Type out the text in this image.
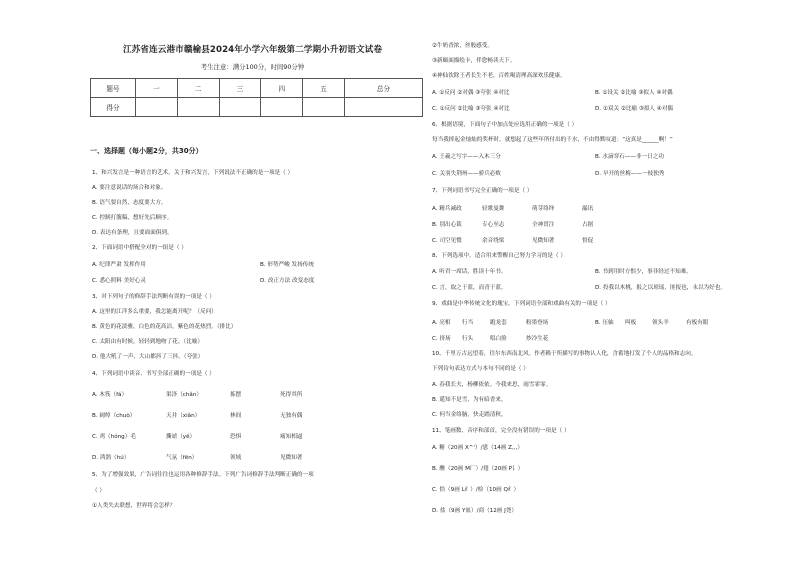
江苏省连云港市赣榆县2024年小学六年级第二学期小升初语文试卷
考生注意：满分100分，时间90分钟
题号	一	二	三	四	五	总分
得分						
一、选择题（每小题2分，共30分）
1、和兴发言是一种语言的艺术。关于和兴发言，下列说法不正确的是一项是（ ）
A. 要注意说话的场合和对象。
B. 语气要自然，态度要大方。
C. 控制打腹稿，想好先后顺序。
D. 表达有条理，且要面面俱到。
2、下面词语中搭配全对的一组是（ ）
A. 纪律严肃 发挥作用	B. 形势严峻 发扬传统
C. 悉心照料 美好心灵	D. 改正方法 改变态度
3、对下列句子的修辞手法判断有误的一项是（ ）
A. 这里的江洋多么重要，我怎能离开呢？（反问）
B. 黄色的花淡雅，白色的花高洁，紫色的花热烈。（排比）
C. 太阳由有时候，轻轻到地吻了花。（比喻）
D. 他大吼了一声，大山都抖了三抖。（夸张）
4、下列词语中读音、书写全部正确的一项是（ ）
A. 木筏（fá）	渠泽（chǎn）	拣摆	死得其所
B. 阔绰（chuò）	天井（xiǎn）	林间	无独有偶
C. 鸡（hóng）毛	撕谑（yě）	恐惧	痛知相逼
D. 鸿鹄（hú）	气氛（fēn）	领域	见微知著
5、为了增强效果，广告词往往也运用各种修辞手法。下列广告词修辞手法判断正确的一项
（ ）
①人类失去联想，世界将会怎样？
②牛奶香浓，丝般感受。
③新颐面描绘卡，伴您畅读天下。
④神仙饮除王者长生不老，百姓喝清理高深欢乐健康。
A. ①反问 ②对偶 ③夸张 ④对比	B. ①设关 ②比喻 ③拟人 ④对偶
C. ①反问 ②比喻 ③夸张 ④对比	D. ①双关 ②比喻 ③拟人 ④对偶
6、根据语境，下面句子中加点处应选用正确的一项是（ ）
每当我摔起金灿灿的奖杯时，就想起了这些年所付出的千水，不由得默叹道：“这真是______啊！”
A. 王羲之写字——入木三分	B. 水滴穿石——非一日之功
C. 关羽失荆州——骄兵必败	D. 早开的丝梅——一枝独秀
7、下列词语书写完全正确的一项是（ ）
A. 精兵减政	轻歌曼舞	萌芽络绎	漏讯
B. 别出心裁	专心至志	全神贯注	占据
C. 司空见惯	余音绕梁	见微知著	督促
8、下列选项中，适合用来警醒自己努力学习的是（ ）
A. 听君一席话，胜读十年书。	B. 书到用时方恨少，事非经过不知难。
C. 言，取之于蓝，而青于蓝。	D. 投我以木桃，报之以琼瑶，匪报也，永以为好也。
9、戏曲是中华传统文化的瑰宝。下列词语全部和戏曲有关的一项是（ ）
A. 亮相 行当	跑龙套	粉墨登场	B. 压轴 叫板	领头羊	有板有眼
C. 挤场 行头	唱白脸	炒冷生花
10、千里万古远望着，往尔东西南北风。作者赖于所描写的事物认人化，含蓄地打发了个人的品格和志向。
下列诗句表达方式与本句不同的是（ ）
A. 春我长夫，杨柳依依。今我来思，雨雪霏霏。
B. 遥知不是雪，为有暗香来。
C. 何当金络脑，快走踏清秋。
11、笔画数、音序和部首，完全没有错误的一项是（ ）
A. 糖（20画 X^'）/恩（14画 Z,,,）
B. 醮（20画 M厂）/翅（20画 P讠）
C. 恰（9画 L纟）/检（10画 Q纟）
D. 盐（9画 Y皿）/商（12画 J尧）
